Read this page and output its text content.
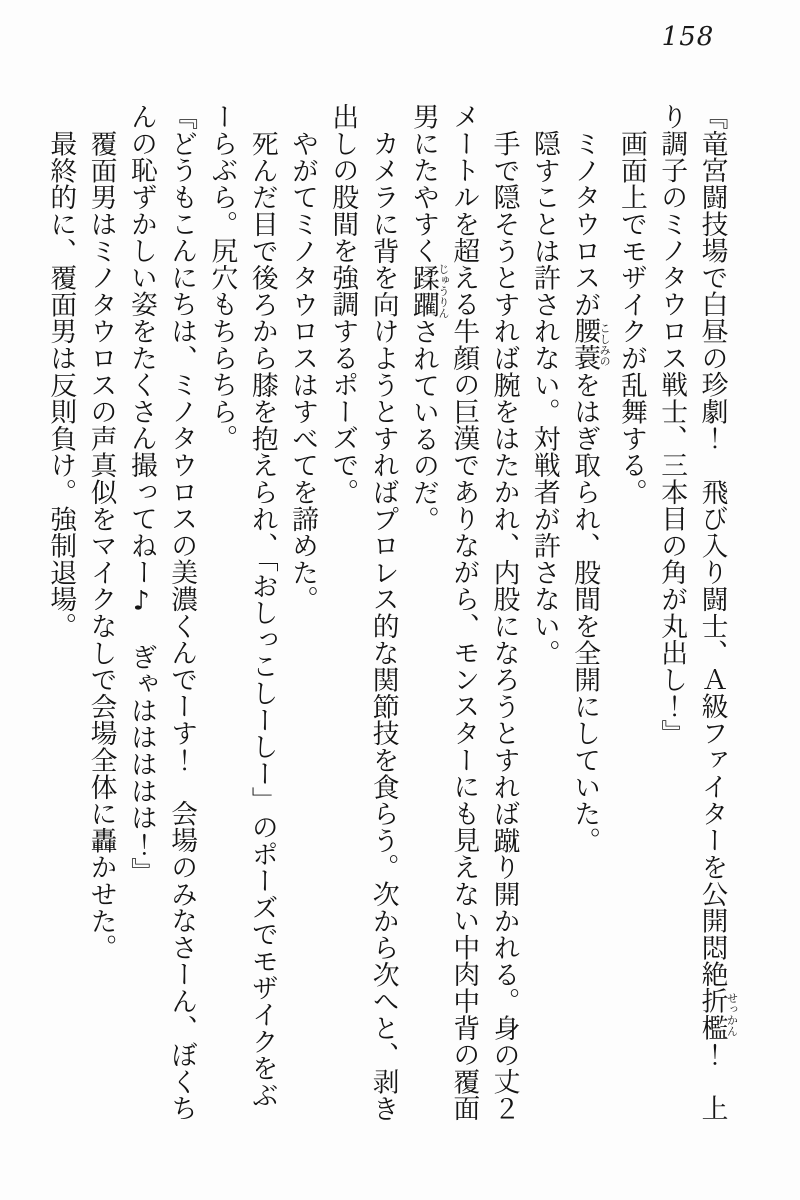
158

『竜宮闘技場で白昼の珍劇！　飛び入り闘士、Ａ級ファイターを公開悶絶折檻せっかん！　上り調子のミノタウロス戦士、三本目の角が丸出し！』

画面上でモザイクが乱舞する。

ミノタウロスが腰蓑こしみのをはぎ取られ、股間を全開にしていた。

隠すことは許されない。対戦者が許さない。

手で隠そうとすれば腕をはたかれ、内股になろうとすれば蹴り開かれる。身の丈２メートルを超える牛顔の巨漢でありながら、モンスターにも見えない中肉中背の覆面男にたやすく蹂躙じゅうりんされているのだ。

カメラに背を向けようとすればプロレス的な関節技を食らう。次から次へと、剥き出しの股間を強調するポーズで。

やがてミノタウロスはすべてを諦めた。

死んだ目で後ろから膝を抱えられ、「おしっこしーしー」のポーズでモザイクをぶーらぶら。尻穴もちらちら。

『どうもこんにちは、ミノタウロスの美濃くんでーす！　会場のみなさーん、ぼくちんの恥ずかしい姿をたくさん撮ってねー♪　ぎゃははははは！』

覆面男はミノタウロスの声真似をマイクなしで会場全体に轟かせた。

最終的に、覆面男は反則負け。強制退場。
